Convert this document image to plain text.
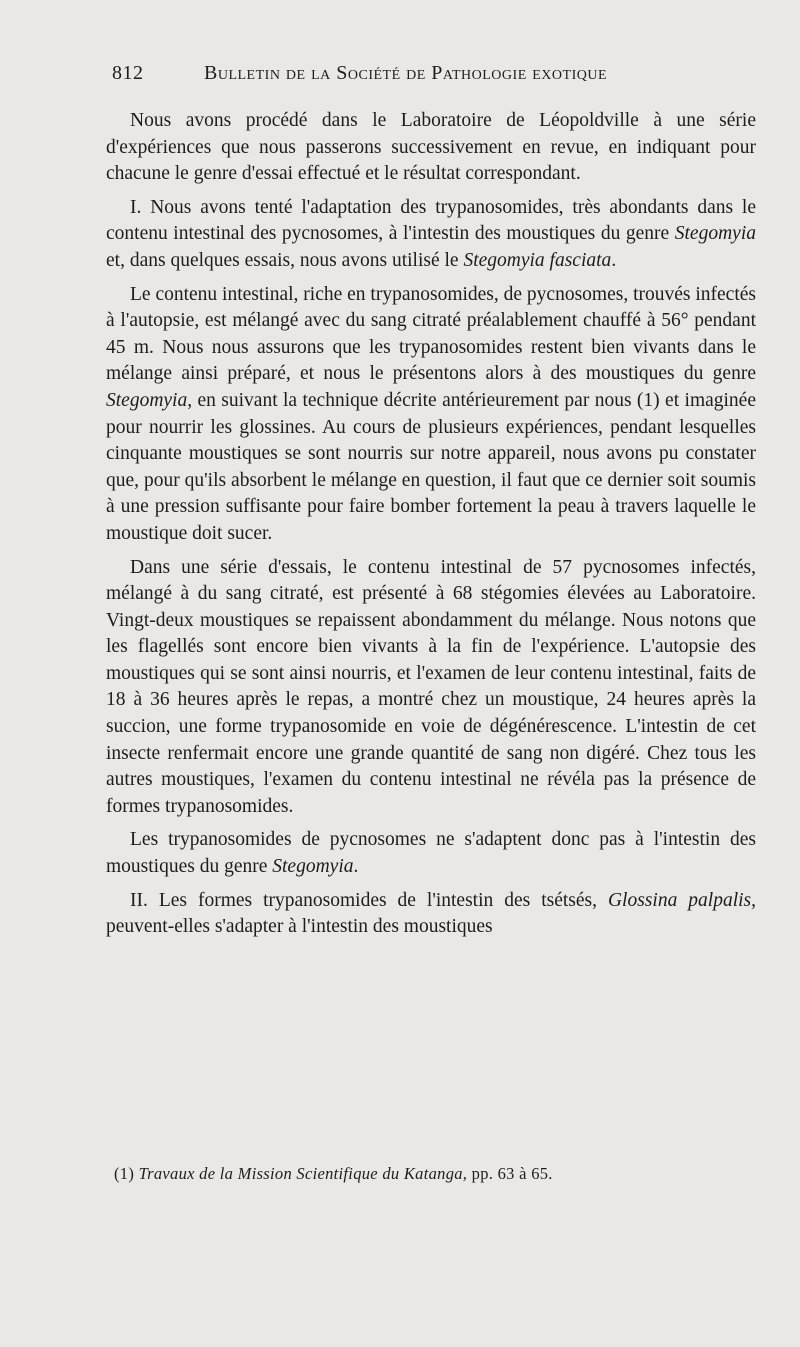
812	Bulletin de la Société de Pathologie exotique

Nous avons procédé dans le Laboratoire de Léopoldville à une série d'expériences que nous passerons successivement en revue, en indiquant pour chacune le genre d'essai effectué et le résultat correspondant.

I. Nous avons tenté l'adaptation des trypanosomides, très abondants dans le contenu intestinal des pycnosomes, à l'intestin des moustiques du genre Stegomyia et, dans quelques essais, nous avons utilisé le Stegomyia fasciata.

Le contenu intestinal, riche en trypanosomides, de pycnosomes, trouvés infectés à l'autopsie, est mélangé avec du sang citraté préalablement chauffé à 56° pendant 45 m. Nous nous assurons que les trypanosomides restent bien vivants dans le mélange ainsi préparé, et nous le présentons alors à des moustiques du genre Stegomyia, en suivant la technique décrite antérieurement par nous (1) et imaginée pour nourrir les glossines. Au cours de plusieurs expériences, pendant lesquelles cinquante moustiques se sont nourris sur notre appareil, nous avons pu constater que, pour qu'ils absorbent le mélange en question, il faut que ce dernier soit soumis à une pression suffisante pour faire bomber fortement la peau à travers laquelle le moustique doit sucer.

Dans une série d'essais, le contenu intestinal de 57 pycnosomes infectés, mélangé à du sang citraté, est présenté à 68 stégomies élevées au Laboratoire. Vingt-deux moustiques se repaissent abondamment du mélange. Nous notons que les flagellés sont encore bien vivants à la fin de l'expérience. L'autopsie des moustiques qui se sont ainsi nourris, et l'examen de leur contenu intestinal, faits de 18 à 36 heures après le repas, a montré chez un moustique, 24 heures après la succion, une forme trypanosomide en voie de dégénérescence. L'intestin de cet insecte renfermait encore une grande quantité de sang non digéré. Chez tous les autres moustiques, l'examen du contenu intestinal ne révéla pas la présence de formes trypanosomides.

Les trypanosomides de pycnosomes ne s'adaptent donc pas à l'intestin des moustiques du genre Stegomyia.

II. Les formes trypanosomides de l'intestin des tsétsés, Glossina palpalis, peuvent-elles s'adapter à l'intestin des moustiques

(1) Travaux de la Mission Scientifique du Katanga, pp. 63 à 65.
